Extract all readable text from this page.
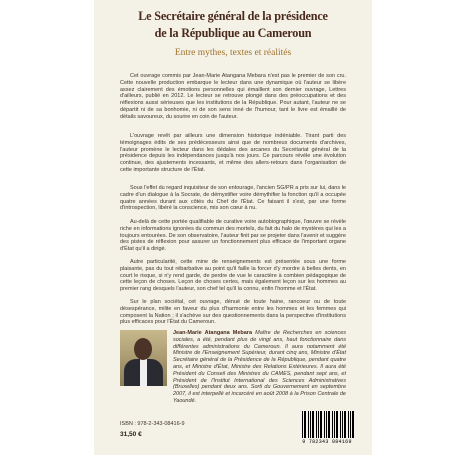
Le Secrétaire général de la présidence
de la République au Cameroun
Entre mythes, textes et réalités

Cet ouvrage commis par Jean-Marie Atangana Mebara n'est pas le premier de son cru. Cette nouvelle production embarque le lecteur dans une dynamique où l'auteur se libère assez clairement des émotions personnelles qui émaillent son dernier ouvrage, Lettres d'ailleurs, publié en 2012. Le lecteur se retrouve plongé dans des préoccupations et des réflexions aussi sérieuses que les institutions de la République. Pour autant, l'auteur ne se départit ni de sa bonhomie, ni de son sens inné de l'humour, tant le livre est émaillé de détails savoureux, du sourire en coin de l'auteur.

L'ouvrage revêt par ailleurs une dimension historique indéniable. Tirant parti des témoignages édits de ses prédécesseurs ainsi que de nombreux documents d'archives, l'auteur promène le lecteur dans les dédales des arcanes du Secrétariat général de la présidence depuis les indépendances jusqu'à nos jours. Ce parcours révèle une évolution continue, des ajustements incessants, et même des allers-retours dans l'organisation de cette importante structure de l'État.

Sous l'effet du regard inquisiteur de son entourage, l'ancien SG/PR a pris sur lui, dans le cadre d'un dialogue à la Socrate, de démystifier voire démythifier la fonction qu'il a occupée quatre années durant aux côtés du Chef de l'État. Ce faisant il s'est, par une forme d'introspection, libéré la conscience, mis son cœur à nu.

Au-delà de cette portée qualifiable de curative voire autobiographique, l'œuvre se révèle riche en informations ignorées du commun des mortels, du fait du halo de mystères qui les a toujours entourées. De son observatoire, l'auteur finit par se projeter dans l'avenir et suggère des pistes de réflexion pour assurer un fonctionnement plus efficace de l'important organe d'État qu'il a dirigé.

Autre particularité, cette mine de renseignements est présentée sous une forme plaisante, pas du tout rébarbative au point qu'il faille la forcer d'y mordre à belles dents, en court le risque, si n'y rend garde, de perdre de vue le caractère à combien pédagogique de cette leçon de choses. Leçon de choses certes, mais également leçon sur les hommes au premier rang desquels l'auteur, son chef tel qu'il la connu, enfin l'homme et l'État.

Sur le plan sociétal, cet ouvrage, dénué de toute haine, rancoeur ou de toute désespérance, milite en faveur du plus d'harmonie entre les hommes et les femmes qui composent la Nation ; il s'achève sur des questionnements dans la perspective d'institutions plus efficaces pour l'État du Cameroun.

Jean-Marie Atangana Mebara Maître de Recherches en sciences sociales, a été, pendant plus de vingt ans, haut fonctionnaire dans différentes administrations du Cameroun. Il aura notamment été Ministre de l'Enseignement Supérieur, durant cinq ans, Ministre d'État Secrétaire général de la Présidence de la République, pendant quatre ans, et Ministre d'État, Ministre des Relations Extérieures. Il aura été Président du Conseil des Ministres du CAMES, pendant sept ans, et Président de l'Institut International des Sciences Administratives (Bruxelles) pendant deux ans. Sorti du Gouvernement en septembre 2007, il est interpellé et incarcéré en août 2008 à la Prison Centrale de Yaoundé.

ISBN : 978-2-343-08416-9
31,50 €
9 782343 084169
